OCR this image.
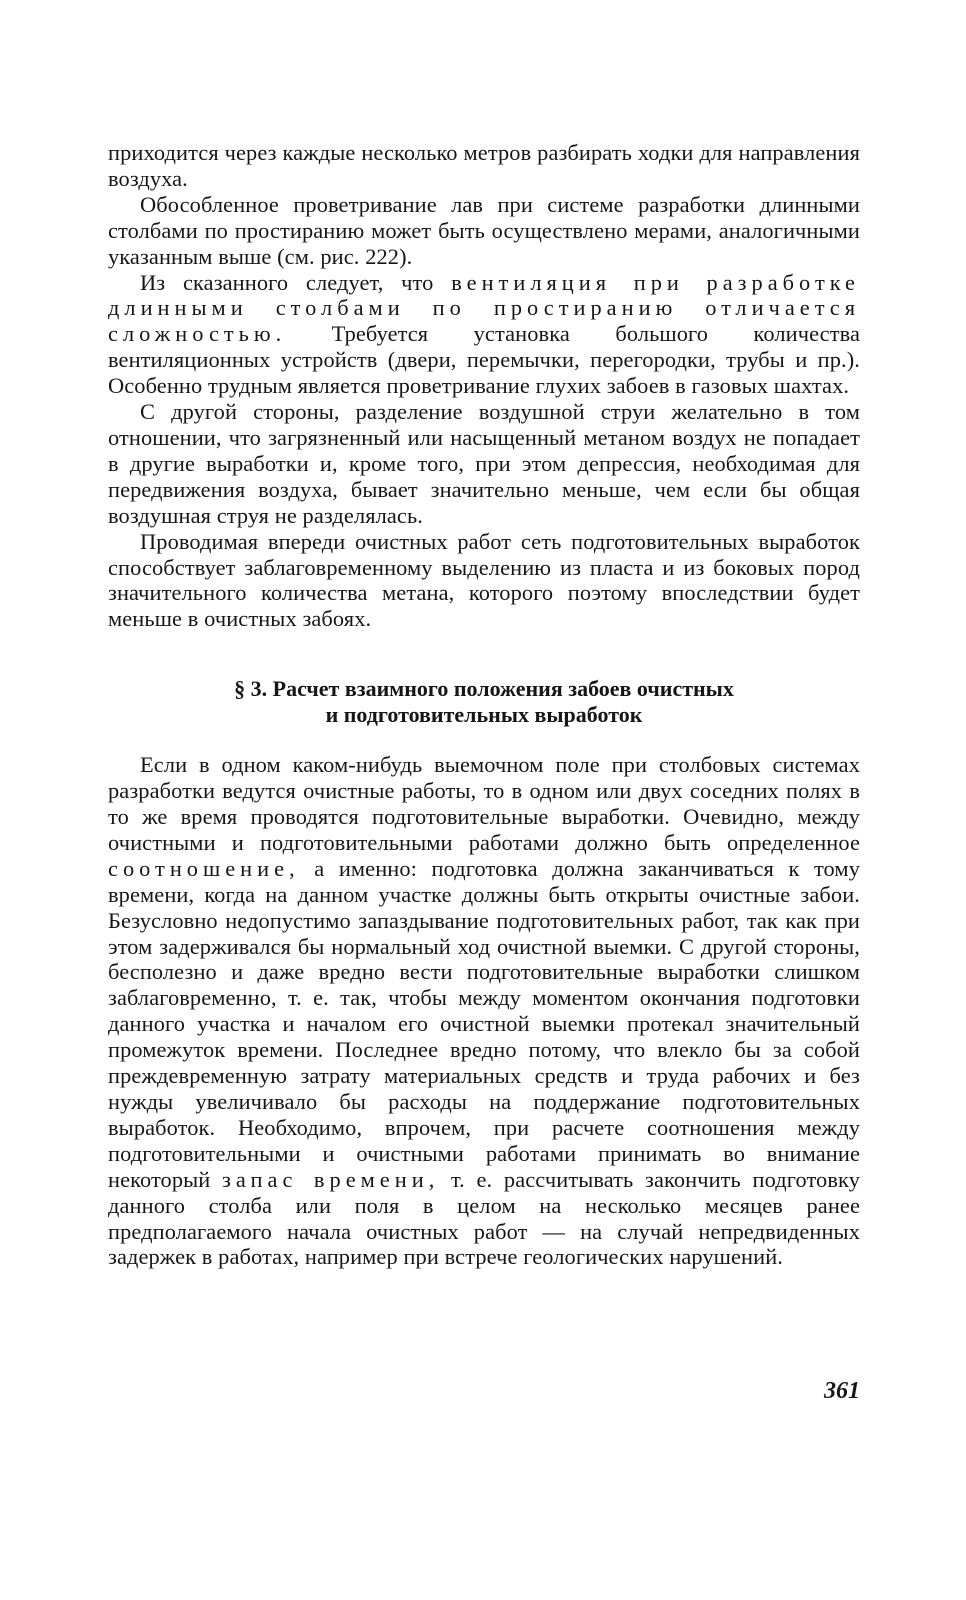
приходится через каждые несколько метров разбирать ходки для направления воздуха.

Обособленное проветривание лав при системе разработки длинными столбами по простиранию может быть осуществлено мерами, аналогичными указанным выше (см. рис. 222).

Из сказанного следует, что вентиляция при разработке длинными столбами по простиранию отличается сложностью. Требуется установка большого количества вентиляционных устройств (двери, перемычки, перегородки, трубы и пр.). Особенно трудным является проветривание глухих забоев в газовых шахтах.

С другой стороны, разделение воздушной струи желательно в том отношении, что загрязненный или насыщенный метаном воздух не попадает в другие выработки и, кроме того, при этом депрессия, необходимая для передвижения воздуха, бывает значительно меньше, чем если бы общая воздушная струя не разделялась.

Проводимая впереди очистных работ сеть подготовительных выработок способствует заблаговременному выделению из пласта и из боковых пород значительного количества метана, которого поэтому впоследствии будет меньше в очистных забоях.

§ 3. Расчет взаимного положения забоев очистных
и подготовительных выработок

Если в одном каком-нибудь выемочном поле при столбовых системах разработки ведутся очистные работы, то в одном или двух соседних полях в то же время проводятся подготовительные выработки. Очевидно, между очистными и подготовительными работами должно быть определенное соотношение, а именно: подготовка должна заканчиваться к тому времени, когда на данном участке должны быть открыты очистные забои. Безусловно недопустимо запаздывание подготовительных работ, так как при этом задерживался бы нормальный ход очистной выемки. С другой стороны, бесполезно и даже вредно вести подготовительные выработки слишком заблаговременно, т. е. так, чтобы между моментом окончания подготовки данного участка и началом его очистной выемки протекал значительный промежуток времени. Последнее вредно потому, что влекло бы за собой преждевременную затрату материальных средств и труда рабочих и без нужды увеличивало бы расходы на поддержание подготовительных выработок. Необходимо, впрочем, при расчете соотношения между подготовительными и очистными работами принимать во внимание некоторый запас времени, т. е. рассчитывать закончить подготовку данного столба или поля в целом на несколько месяцев ранее предполагаемого начала очистных работ — на случай непредвиденных задержек в работах, например при встрече геологических нарушений.

361
